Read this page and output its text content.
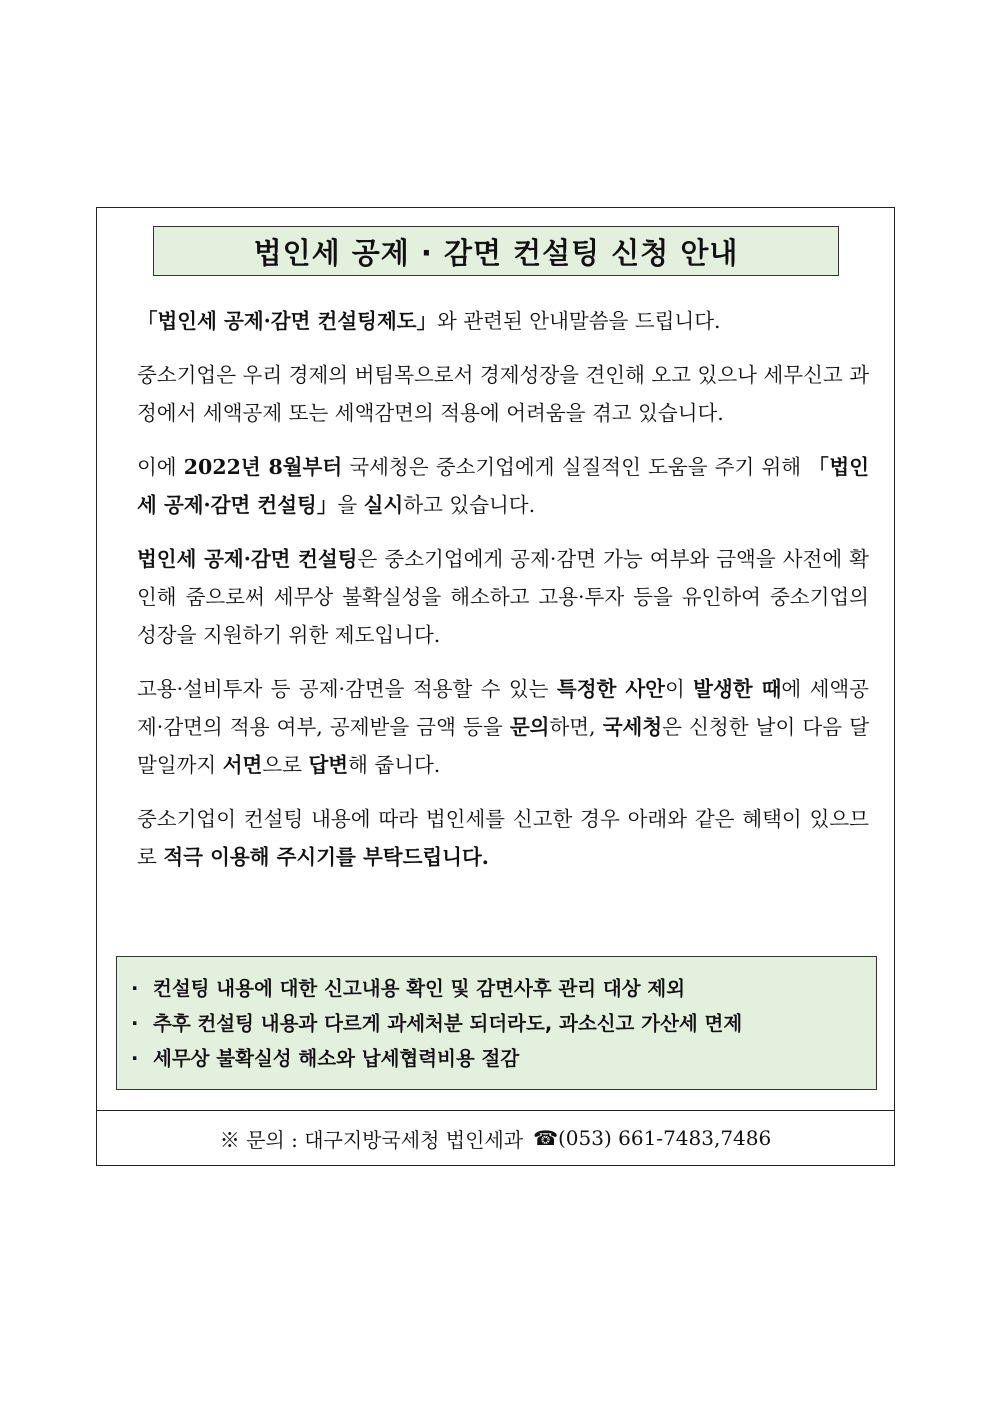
법인세 공제 · 감면 컨설팅 신청 안내

「법인세 공제·감면 컨설팅제도」와 관련된 안내말씀을 드립니다.

중소기업은 우리 경제의 버팀목으로서 경제성장을 견인해 오고 있으나 세무신고 과정에서 세액공제 또는 세액감면의 적용에 어려움을 겪고 있습니다.

이에 2022년 8월부터 국세청은 중소기업에게 실질적인 도움을 주기 위해 「법인세 공제·감면 컨설팅」을 실시하고 있습니다.

법인세 공제·감면 컨설팅은 중소기업에게 공제·감면 가능 여부와 금액을 사전에 확인해 줌으로써 세무상 불확실성을 해소하고 고용·투자 등을 유인하여 중소기업의 성장을 지원하기 위한 제도입니다.

고용·설비투자 등 공제·감면을 적용할 수 있는 특정한 사안이 발생한 때에 세액공제·감면의 적용 여부, 공제받을 금액 등을 문의하면, 국세청은 신청한 날이 다음 달 말일까지 서면으로 답변해 줍니다.

중소기업이 컨설팅 내용에 따라 법인세를 신고한 경우 아래와 같은 혜택이 있으므로 적극 이용해 주시기를 부탁드립니다.

· 컨설팅 내용에 대한 신고내용 확인 및 감면사후 관리 대상 제외
· 추후 컨설팅 내용과 다르게 과세처분 되더라도, 과소신고 가산세 면제
· 세무상 불확실성 해소와 납세협력비용 절감
※ 문의 : 대구지방국세청 법인세과 ☎ (053) 661-7483,7486
